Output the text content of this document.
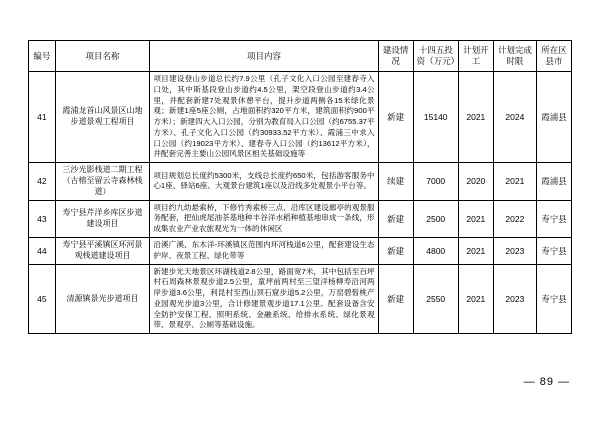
编号	项目名称	项目内容	建设情况	十四五投资（万元）	计划开工	计划完成时限	所在区县市
41	霞浦龙首山风景区山地步道景观工程项目	项目建设登山步道总长约7.9公里（孔子文化入口公园至建春寺入口处，其中斯基段登山步道约4.5公里，架空段登山步道约3.4公里，并配套新建7处观景休憩平台，提升步道两侧各15米绿化景观；新建1座5座公厕，占地面积约320平方米，建筑面积约900平方米）；新建四大入口公园，分别为教育局入口公园（约6755.37平方米）、孔子文化入口公园（约30933.52平方米）、霞浦三中求入口公园（约19023平方米）、建春寺入口公园（约13612平方米），并配套完善主要山公园风景区相关基础设施等	新建	15140	2021	2024	霞浦县
42	三沙光影栈道二期工程（古榕至留云寺森林栈道）	项目规划总长度约5300米，支线总长度约650米，包括游客服务中心1座、驿站6座、大观景台建筑1座以及沿线多处观景小平台等。	续建	7000	2020	2021	霞浦县
43	寿宁县芹洋乡库区步道建设项目	项目约九幼悬索桥，下修竹秀索桥三点、沿库区建设廊亭的观景服务配套，把仙虎尾油茶基地种丰谷洋水稻种植基地串成一条线，形成集农业产业农旅观光为一体的休闲区	新建	2500	2021	2022	寿宁县
44	寿宁县平溪镇区环河景观栈道建设项目	沿溪广溪、东木洋-环溪镇区范围内环河栈道6公里，配套建设生态护岸、夜景工程、绿化带等	新建	4800	2021	2023	寿宁县
45	清源镇景光步道项目	新建步光天地景区环湖栈道2.8公里，路面宽7米，其中包括至百坪村石周森林景观步道2.5公里，童坪前两村至三望洋杨柳寿沿河两岸步道3.6公里，利昆村至西山顶石窟步道5.2公里，万窑碧髫桃产业园观光步道3公里，合计修建景观步道17.1公里。配套设备含安全防护安保工程、照明系统、金融系统、给排水系统、绿化景观带、景观亭、公厕等基础设施。	新建	2550	2021	2023	寿宁县
— 89 —
